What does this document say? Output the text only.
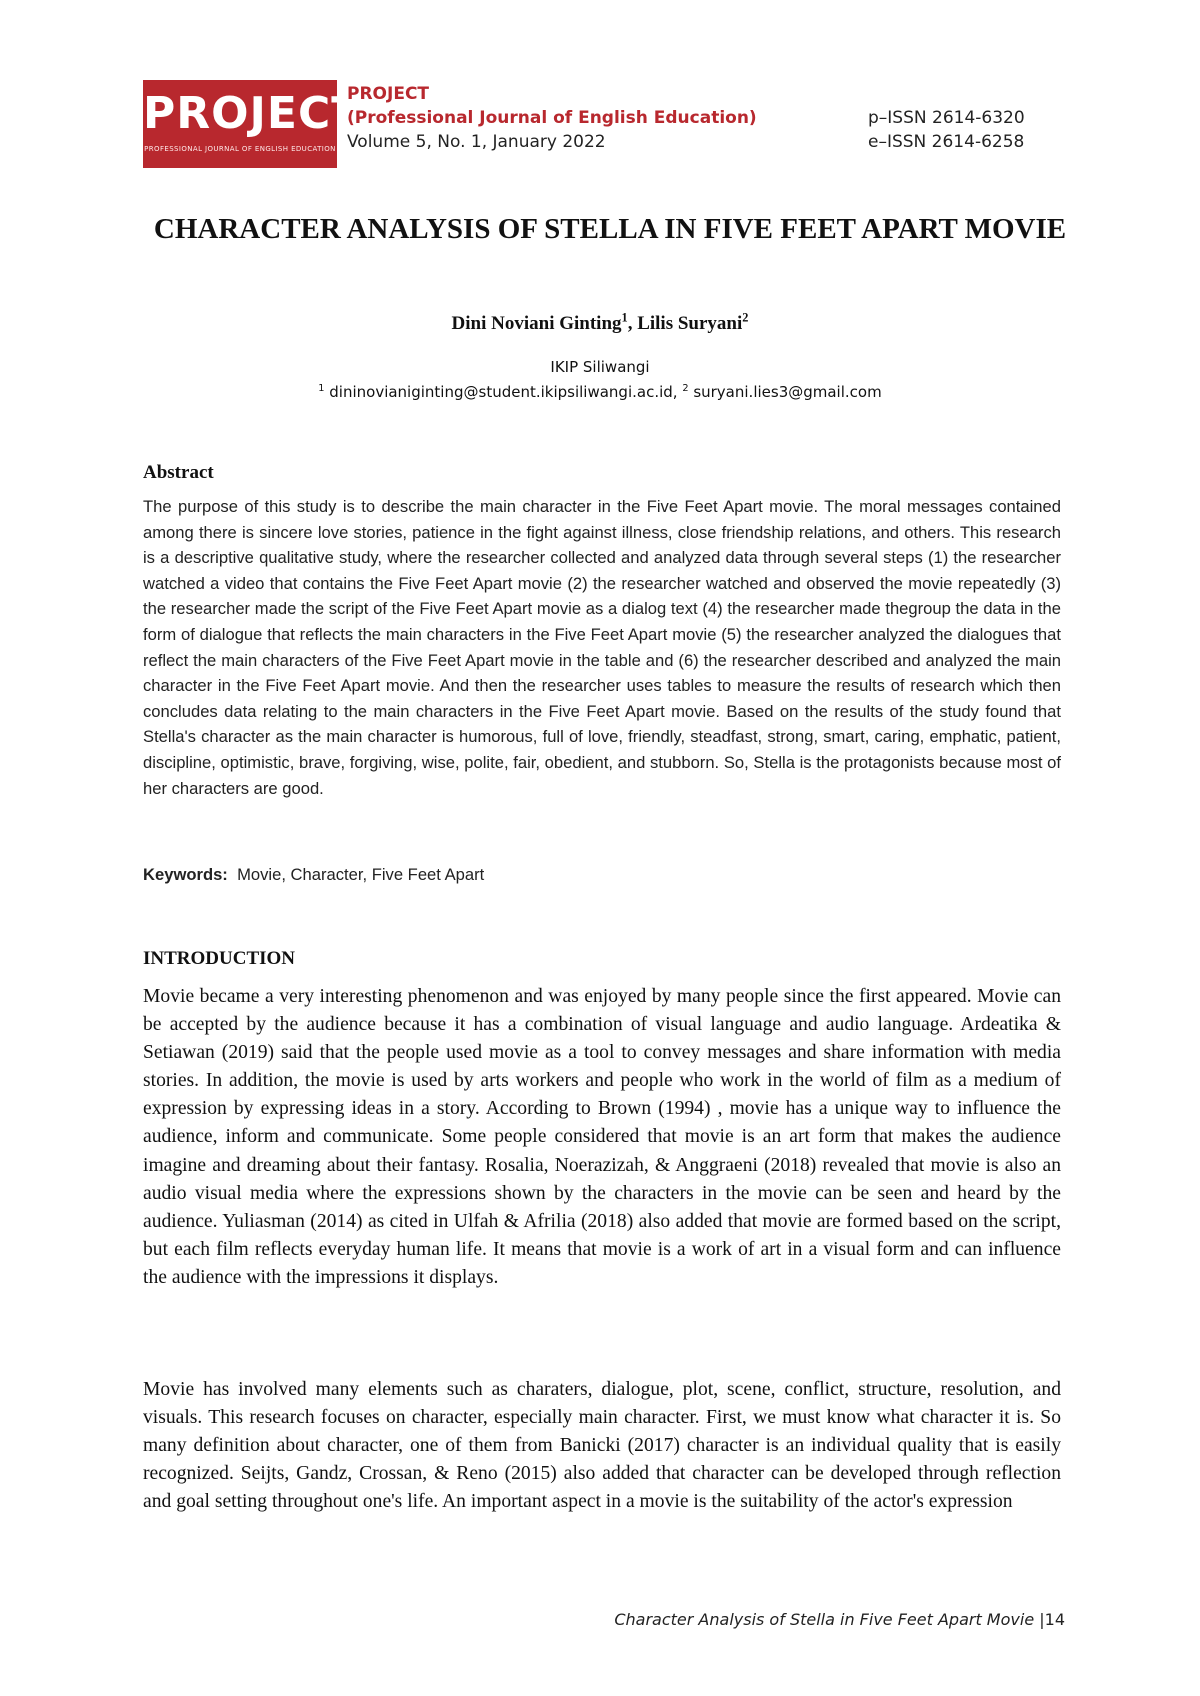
PROJECT
PROFESSIONAL JOURNAL OF ENGLISH EDUCATION
PROJECT
(Professional Journal of English Education)
Volume 5, No. 1, January 2022
p–ISSN 2614-6320
e–ISSN 2614-6258
CHARACTER ANALYSIS OF STELLA IN FIVE FEET APART MOVIE
Dini Noviani Ginting$^1$, Lilis Suryani$^2$
IKIP Siliwangi
$^1$ dininovianiginting@student.ikipsiliwangi.ac.id, $^2$ suryani.lies3@gmail.com
Abstract

The purpose of this study is to describe the main character in the Five Feet Apart movie. The moral messages contained among there is sincere love stories, patience in the fight against illness, close friendship relations, and others. This research is a descriptive qualitative study, where the researcher collected and analyzed data through several steps (1) the researcher watched a video that contains the Five Feet Apart movie (2) the researcher watched and observed the movie repeatedly (3) the researcher made the script of the Five Feet Apart movie as a dialog text (4) the researcher made thegroup the data in the form of dialogue that reflects the main characters in the Five Feet Apart movie (5) the researcher analyzed the dialogues that reflect the main characters of the Five Feet Apart movie in the table and (6) the researcher described and analyzed the main character in the Five Feet Apart movie. And then the researcher uses tables to measure the results of research which then concludes data relating to the main characters in the Five Feet Apart movie. Based on the results of the study found that Stella's character as the main character is humorous, full of love, friendly, steadfast, strong, smart, caring, emphatic, patient, discipline, optimistic, brave, forgiving, wise, polite, fair, obedient, and stubborn. So, Stella is the protagonists because most of her characters are good.

Keywords: Movie, Character, Five Feet Apart
INTRODUCTION

Movie became a very interesting phenomenon and was enjoyed by many people since the first appeared. Movie can be accepted by the audience because it has a combination of visual language and audio language. Ardeatika & Setiawan (2019) said that the people used movie as a tool to convey messages and share information with media stories. In addition, the movie is used by arts workers and people who work in the world of film as a medium of expression by expressing ideas in a story. According to Brown (1994) , movie has a unique way to influence the audience, inform and communicate. Some people considered that movie is an art form that makes the audience imagine and dreaming about their fantasy. Rosalia, Noerazizah, & Anggraeni (2018) revealed that movie is also an audio visual media where the expressions shown by the characters in the movie can be seen and heard by the audience. Yuliasman (2014) as cited in Ulfah & Afrilia (2018) also added that movie are formed based on the script, but each film reflects everyday human life. It means that movie is a work of art in a visual form and can influence the audience with the impressions it displays.

Movie has involved many elements such as charaters, dialogue, plot, scene, conflict, structure, resolution, and visuals. This research focuses on character, especially main character. First, we must know what character it is. So many definition about character, one of them from Banicki (2017) character is an individual quality that is easily recognized. Seijts, Gandz, Crossan, & Reno (2015) also added that character can be developed through reflection and goal setting throughout one's life. An important aspect in a movie is the suitability of the actor's expression

Character Analysis of Stella in Five Feet Apart Movie |14
